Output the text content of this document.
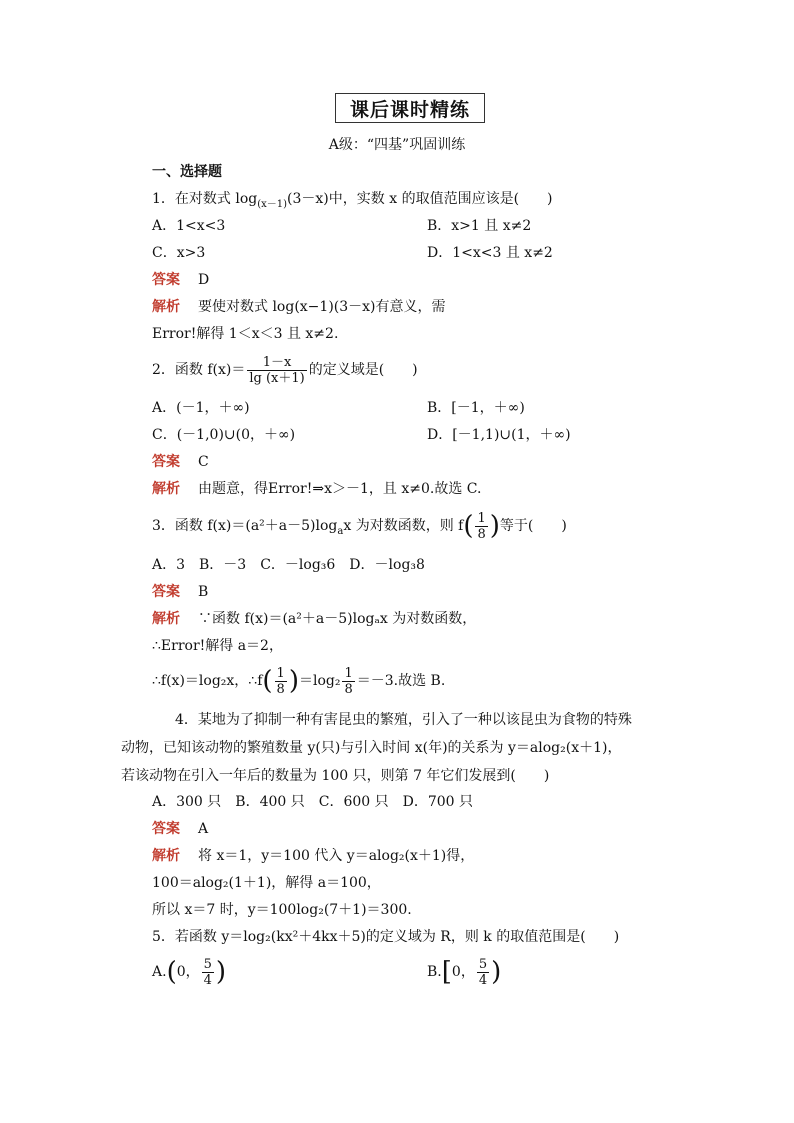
课后课时精练
A级：“四基”巩固训练
一、选择题
1．在对数式 $\log_{(x-1)}(3-x)$中，实数 x 的取值范围应该是(　　)
A．1<x<3	B．x>1 且 x≠2
C．x>3	D．1<x<3 且 x≠2
答案 D
解析 要使对数式 log(x−1)(3－x)有意义，需
Error!解得 1＜x＜3 且 x≠2.
2．函数 $f(x)= \frac{1-x}{\lg (x+1)}$ 的定义域是(　　)
A．(－1，＋∞)	B．[－1，＋∞)
C．(－1,0)∪(0，＋∞)	D．[－1,1)∪(1，＋∞)
答案 C
解析 由题意，得Error!⇒x＞－1，且 x≠0.故选 C.
3．函数 $f(x)=(a^2+a-5)\log_ax$ 为对数函数，则 $f( \frac{1}{8}$ )等于(　　)
A．3　B．－3　C．－log₃6　D．－log₃8
答案 B
解析 ∵函数 f(x)＝(a²＋a－5)logₐx 为对数函数，
∴Error!解得 a＝2，
∴f(x)＝log₂x，∴f( $\frac{1}{8} )=\log_2 \frac{1}{8} =-3$.故选 B.
4．某地为了抑制一种有害昆虫的繁殖，引入了一种以该昆虫为食物的特殊
动物，已知该动物的繁殖数量 y(只)与引入时间 x(年)的关系为 y＝alog₂(x＋1)，
若该动物在引入一年后的数量为 100 只，则第 7 年它们发展到(　　)
A．300 只　B．400 只　C．600 只　D．700 只
答案 A
解析 将 x＝1，y＝100 代入 y＝alog₂(x＋1)得，
100＝alog₂(1＋1)，解得 a＝100，
所以 x＝7 时，y＝100log₂(7＋1)＝300.
5．若函数 y＝log₂(kx²＋4kx＋5)的定义域为 R，则 k 的取值范围是(　　)
A.(0， $\frac{5}{4}$ )	B.[0， $\frac{5}{4}$ )
